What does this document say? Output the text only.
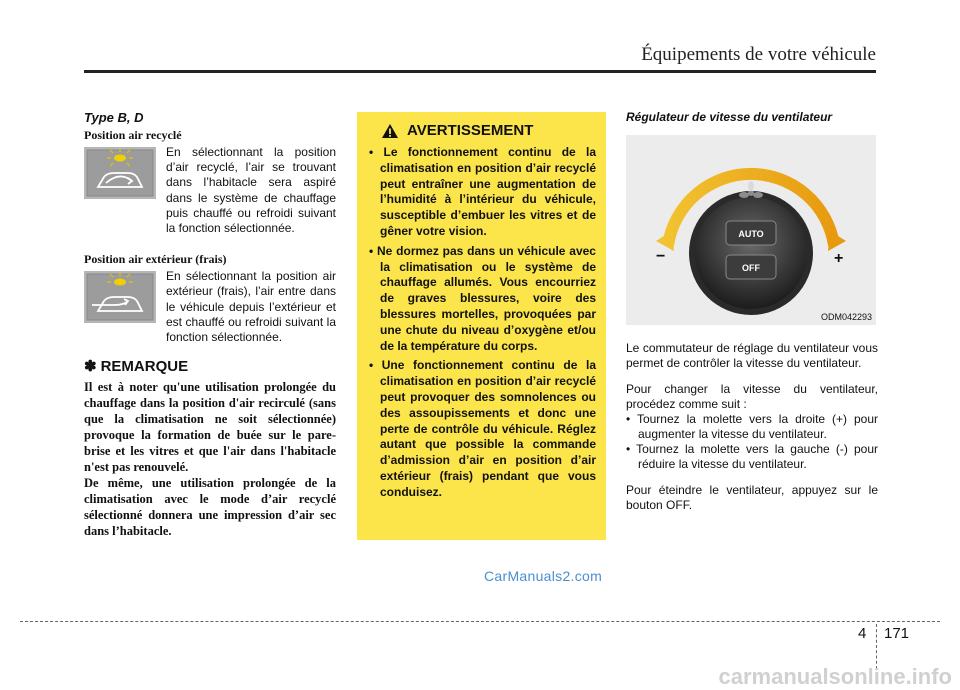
Équipements de votre véhicule

Type B, D

Position air recyclé

En sélectionnant la position d’air recyclé, l’air se trouvant dans l’habitacle sera aspiré dans le système de chauffage puis chauffé ou refroidi suivant la fonction sélectionnée.

Position air extérieur (frais)

En sélectionnant la position air extérieur (frais), l’air entre dans le véhicule depuis l’extérieur et est chauffé ou refroidi suivant la fonction sélectionnée.

✽ REMARQUE

Il est à noter qu'une utilisation prolongée du chauffage dans la position d'air recirculé (sans que la climatisation ne soit sélectionnée) provoque la formation de buée sur le pare-brise et les vitres et que l'air dans l'habitacle n'est pas renouvelé.

De même, une utilisation prolongée de la climatisation avec le mode d’air recyclé sélectionné donnera une impression d’air sec dans l’habitacle.

AVERTISSEMENT
• Le fonctionnement continu de la climatisation en position d’air recyclé peut entraîner une augmentation de l’humidité à l’intérieur du véhicule, susceptible d’embuer les vitres et de gêner votre vision.
• Ne dormez pas dans un véhicule avec la climatisation ou le système de chauffage allumés. Vous encourriez de graves blessures, voire des blessures mortelles, provoquées par une chute du niveau d’oxygène et/ou de la température du corps.
• Une fonctionnement continu de la climatisation en position d’air recyclé peut provoquer des somnolences ou des assoupissements et donc une perte de contrôle du véhicule. Réglez autant que possible la commande d’admission d’air en position d’air extérieur (frais) pendant que vous conduisez.

Régulateur de vitesse du ventilateur

AUTO
OFF
−	+
ODM042293

Le commutateur de réglage du ventilateur vous permet de contrôler la vitesse du ventilateur.

Pour changer la vitesse du ventilateur, procédez comme suit :

• Tournez la molette vers la droite (+) pour augmenter la vitesse du ventilateur.
• Tournez la molette vers la gauche (-) pour réduire la vitesse du ventilateur.

Pour éteindre le ventilateur, appuyez sur le bouton OFF.

CarManuals2.com
4 171
carmanualsonline.info
